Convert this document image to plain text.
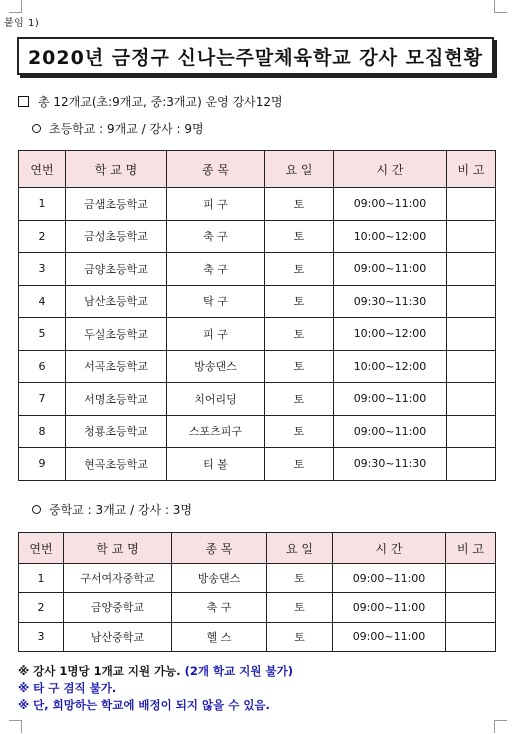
붙임 1)
2020년 금정구 신나는주말체육학교 강사 모집현황
총 12개교(초:9개교, 중:3개교) 운영 강사12명
초등학교 : 9개교 / 강사 : 9명
연번	학 교 명	종 목	요 일	시 간	비 고
1	금샘초등학교	피 구	토	09:00~11:00	
2	금성초등학교	축 구	토	10:00~12:00	
3	금양초등학교	축 구	토	09:00~11:00	
4	남산초등학교	탁 구	토	09:30~11:30	
5	두실초등학교	피 구	토	10:00~12:00	
6	서곡초등학교	방송댄스	토	10:00~12:00	
7	서명초등학교	치어리딩	토	09:00~11:00	
8	청룡초등학교	스포츠피구	토	09:00~11:00	
9	현곡초등학교	티 볼	토	09:30~11:30	
중학교 : 3개교 / 강사 : 3명
연번	학 교 명	종 목	요 일	시 간	비 고
1	구서여자중학교	방송댄스	토	09:00~11:00	
2	금양중학교	축 구	토	09:00~11:00	
3	남산중학교	헬 스	토	09:00~11:00	
※ 강사 1명당 1개교 지원 가능. (2개 학교 지원 불가)
※ 타 구 겸직 불가.
※ 단, 희망하는 학교에 배정이 되지 않을 수 있음.
